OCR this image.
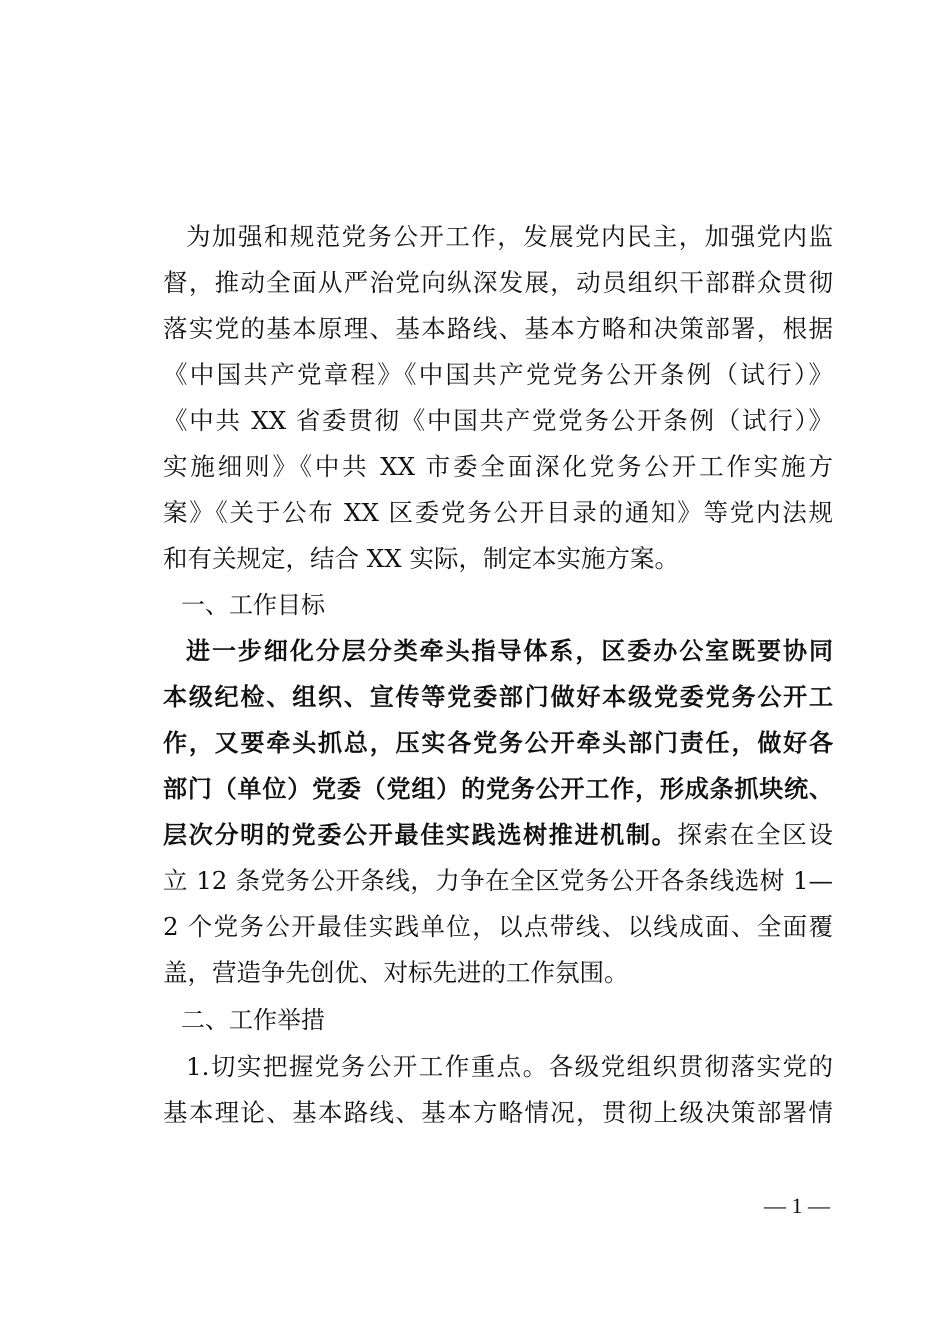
为加强和规范党务公开工作，发展党内民主，加强党内监
督，推动全面从严治党向纵深发展，动员组织干部群众贯彻
落实党的基本原理、基本路线、基本方略和决策部署，根据
《中国共产党章程》《中国共产党党务公开条例（试行）》
《中共 XX 省委贯彻《中国共产党党务公开条例（试行）》
实施细则》《中共 XX 市委全面深化党务公开工作实施方
案》《关于公布 XX 区委党务公开目录的通知》等党内法规
和有关规定，结合 XX 实际，制定本实施方案。
一、工作目标
进一步细化分层分类牵头指导体系，区委办公室既要协同
本级纪检、组织、宣传等党委部门做好本级党委党务公开工
作，又要牵头抓总，压实各党务公开牵头部门责任，做好各
部门（单位）党委（党组）的党务公开工作，形成条抓块统、
层次分明的党委公开最佳实践选树推进机制。探索在全区设
立 12 条党务公开条线，力争在全区党务公开各条线选树 1—
2 个党务公开最佳实践单位，以点带线、以线成面、全面覆
盖，营造争先创优、对标先进的工作氛围。
二、工作举措
1.切实把握党务公开工作重点。各级党组织贯彻落实党的
基本理论、基本路线、基本方略情况，贯彻上级决策部署情
— 1 —
